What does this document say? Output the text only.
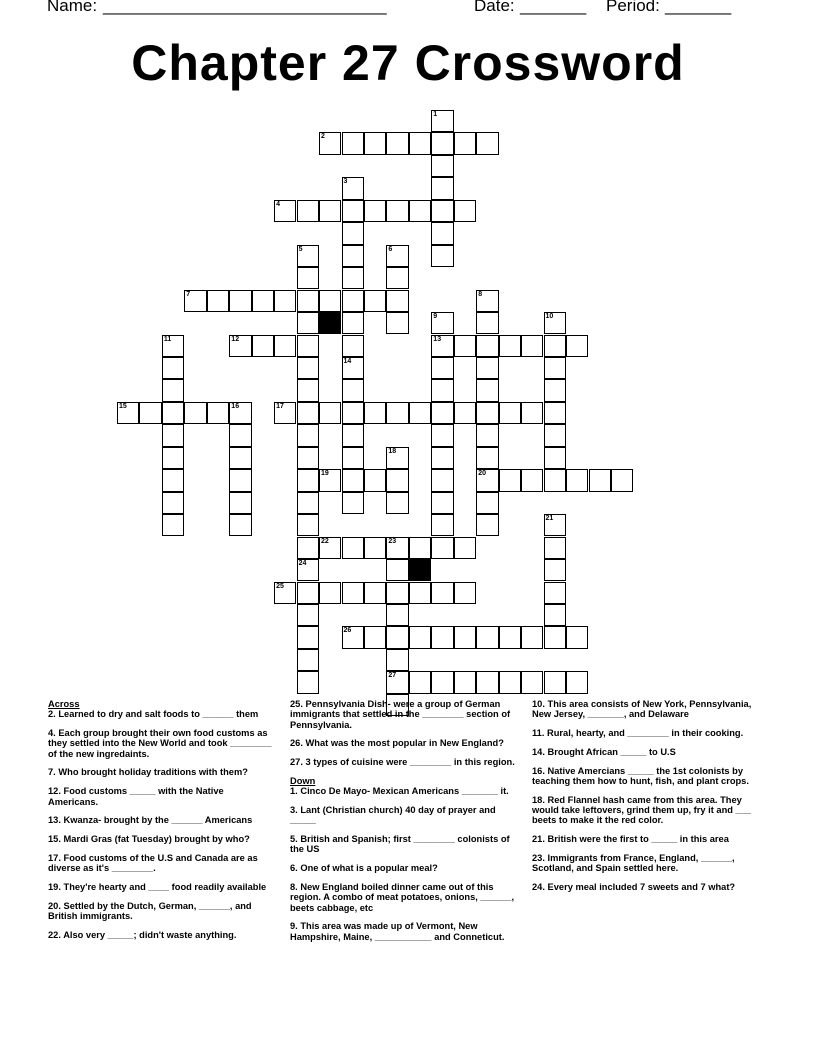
Name: ______________________________	Date: _______ Period: _______
Chapter 27 Crossword
2
4
7
12	13
15	16	17
19	20
22	23
25
26
27
1
3
14
5	6
8
9	10
11
18
21
24
Across
2. Learned to dry and salt foods to ______ them
4. Each group brought their own food customs as they settled into the New World and took ________ of the new ingredaints.
7. Who brought holiday traditions with them?
12. Food customs _____ with the Native Americans.
13. Kwanza- brought by the ______ Americans
15. Mardi Gras (fat Tuesday) brought by who?
17. Food customs of the U.S and Canada are as diverse as it's ________.
19. They're hearty and ____ food readily available
20. Settled by the Dutch, German, ______, and British immigrants.
22. Also very _____; didn't waste anything.
25. Pennsylvania Dish- were a group of German immigrants that settled in the ________ section of Pennsylvania.
26. What was the most popular in New England?
27. 3 types of cuisine were ________ in this region.
Down
1. Cinco De Mayo- Mexican Americans _______ it.
3. Lant (Christian church) 40 day of prayer and _____
5. British and Spanish; first ________ colonists of the US
6. One of what is a popular meal?
8. New England boiled dinner came out of this region. A combo of meat potatoes, onions, ______, beets cabbage, etc
9. This area was made up of Vermont, New Hampshire, Maine, ___________ and Conneticut.
10. This area consists of New York, Pennsylvania, New Jersey, _______, and Delaware
11. Rural, hearty, and ________ in their cooking.
14. Brought African _____ to U.S
16. Native Amercians _____ the 1st colonists by teaching them how to hunt, fish, and plant crops.
18. Red Flannel hash came from this area. They would take leftovers, grind them up, fry it and ___ beets to make it the red color.
21. British were the first to _____ in this area
23. Immigrants from France, England, ______, Scotland, and Spain settled here.
24. Every meal included 7 sweets and 7 what?
